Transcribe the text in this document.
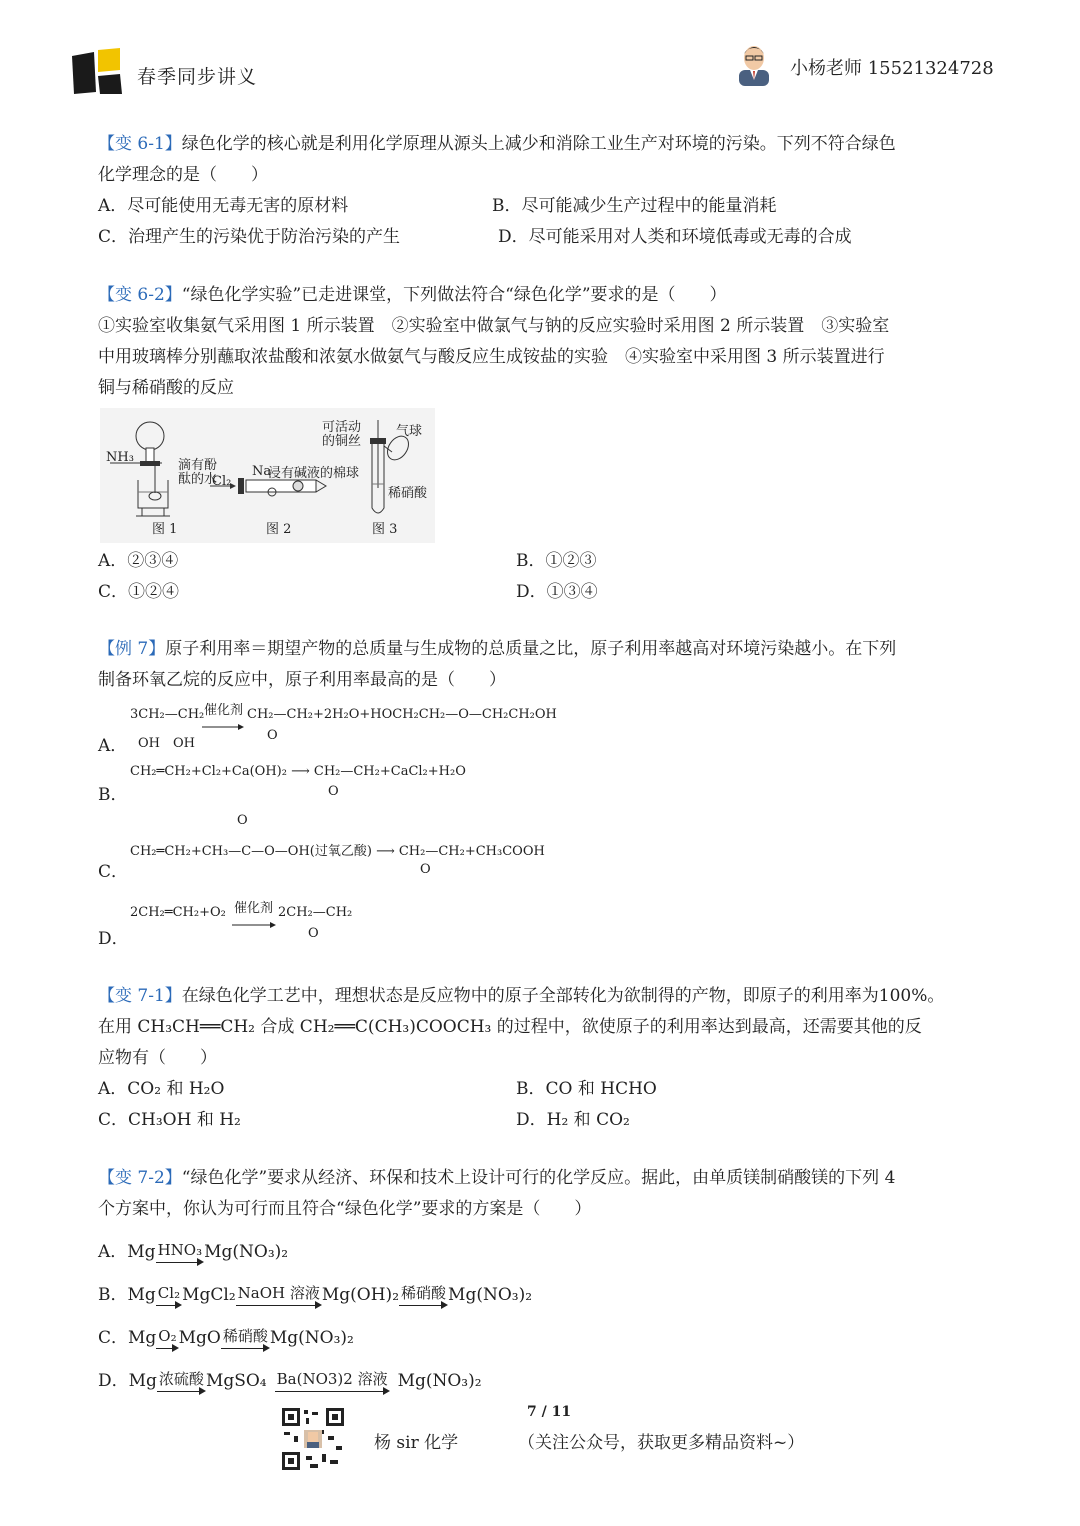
春季同步讲义	小杨老师 15521324728
【变 6-1】绿色化学的核心就是利用化学原理从源头上减少和消除工业生产对环境的污染。下列不符合绿色
化学理念的是（　　）
A．尽可能使用无毒无害的原材料	B．尽可能减少生产过程中的能量消耗
C．治理产生的污染优于防治污染的产生	D．尽可能采用对人类和环境低毒或无毒的合成
【变 6-2】“绿色化学实验”已走进课堂，下列做法符合“绿色化学”要求的是（　　）
①实验室收集氨气采用图 1 所示装置　②实验室中做氯气与钠的反应实验时采用图 2 所示装置　③实验室
中用玻璃棒分别蘸取浓盐酸和浓氨水做氨气与酸反应生成铵盐的实验　④实验室中采用图 3 所示装置进行
铜与稀硝酸的反应
NH₃
滴有酚
酞的水
Cl₂
Na
浸有碱液的棉球
可活动
的铜丝
气球
稀硝酸
图 1	图 2	图 3
A．②③④	B．①②③
C．①②④	D．①③④
【例 7】原子利用率＝期望产物的总质量与生成物的总质量之比，原子利用率越高对环境污染越小。在下列
制备环氧乙烷的反应中，原子利用率最高的是（　　）
3CH₂—CH₂
OH　OH
催化剂 CH₂—CH₂+2H₂O+HOCH₂CH₂—O—CH₂CH₂OH
O
A．
CH₂═CH₂+Cl₂+Ca(OH)₂ ⟶ CH₂—CH₂+CaCl₂+H₂O
O
B．
O
CH₂═CH₂+CH₃—C—O—OH(过氧乙酸) ⟶ CH₂—CH₂+CH₃COOH
O
C．
2CH₂═CH₂+O₂ 催化剂 2CH₂—CH₂
O
D．
【变 7-1】在绿色化学工艺中，理想状态是反应物中的原子全部转化为欲制得的产物，即原子的利用率为100%。
在用 CH₃CH══CH₂ 合成 CH₂══C(CH₃)COOCH₃ 的过程中，欲使原子的利用率达到最高，还需要其他的反
应物有（　　）
A．CO₂ 和 H₂O	B．CO 和 HCHO
C．CH₃OH 和 H₂	D．H₂ 和 CO₂
【变 7-2】“绿色化学”要求从经济、环保和技术上设计可行的化学反应。据此，由单质镁制硝酸镁的下列 4
个方案中，你认为可行而且符合“绿色化学”要求的方案是（　　）
A．Mg HNO₃ Mg(NO₃)₂
B．Mg Cl₂ MgCl₂ NaOH 溶液 Mg(OH)₂ 稀硝酸 Mg(NO₃)₂
C．Mg O₂ MgO 稀硝酸 Mg(NO₃)₂
D．Mg 浓硫酸 MgSO₄ Ba(NO3)2 溶液 Mg(NO₃)₂
7 / 11
杨 sir 化学	（关注公众号，获取更多精品资料~）
